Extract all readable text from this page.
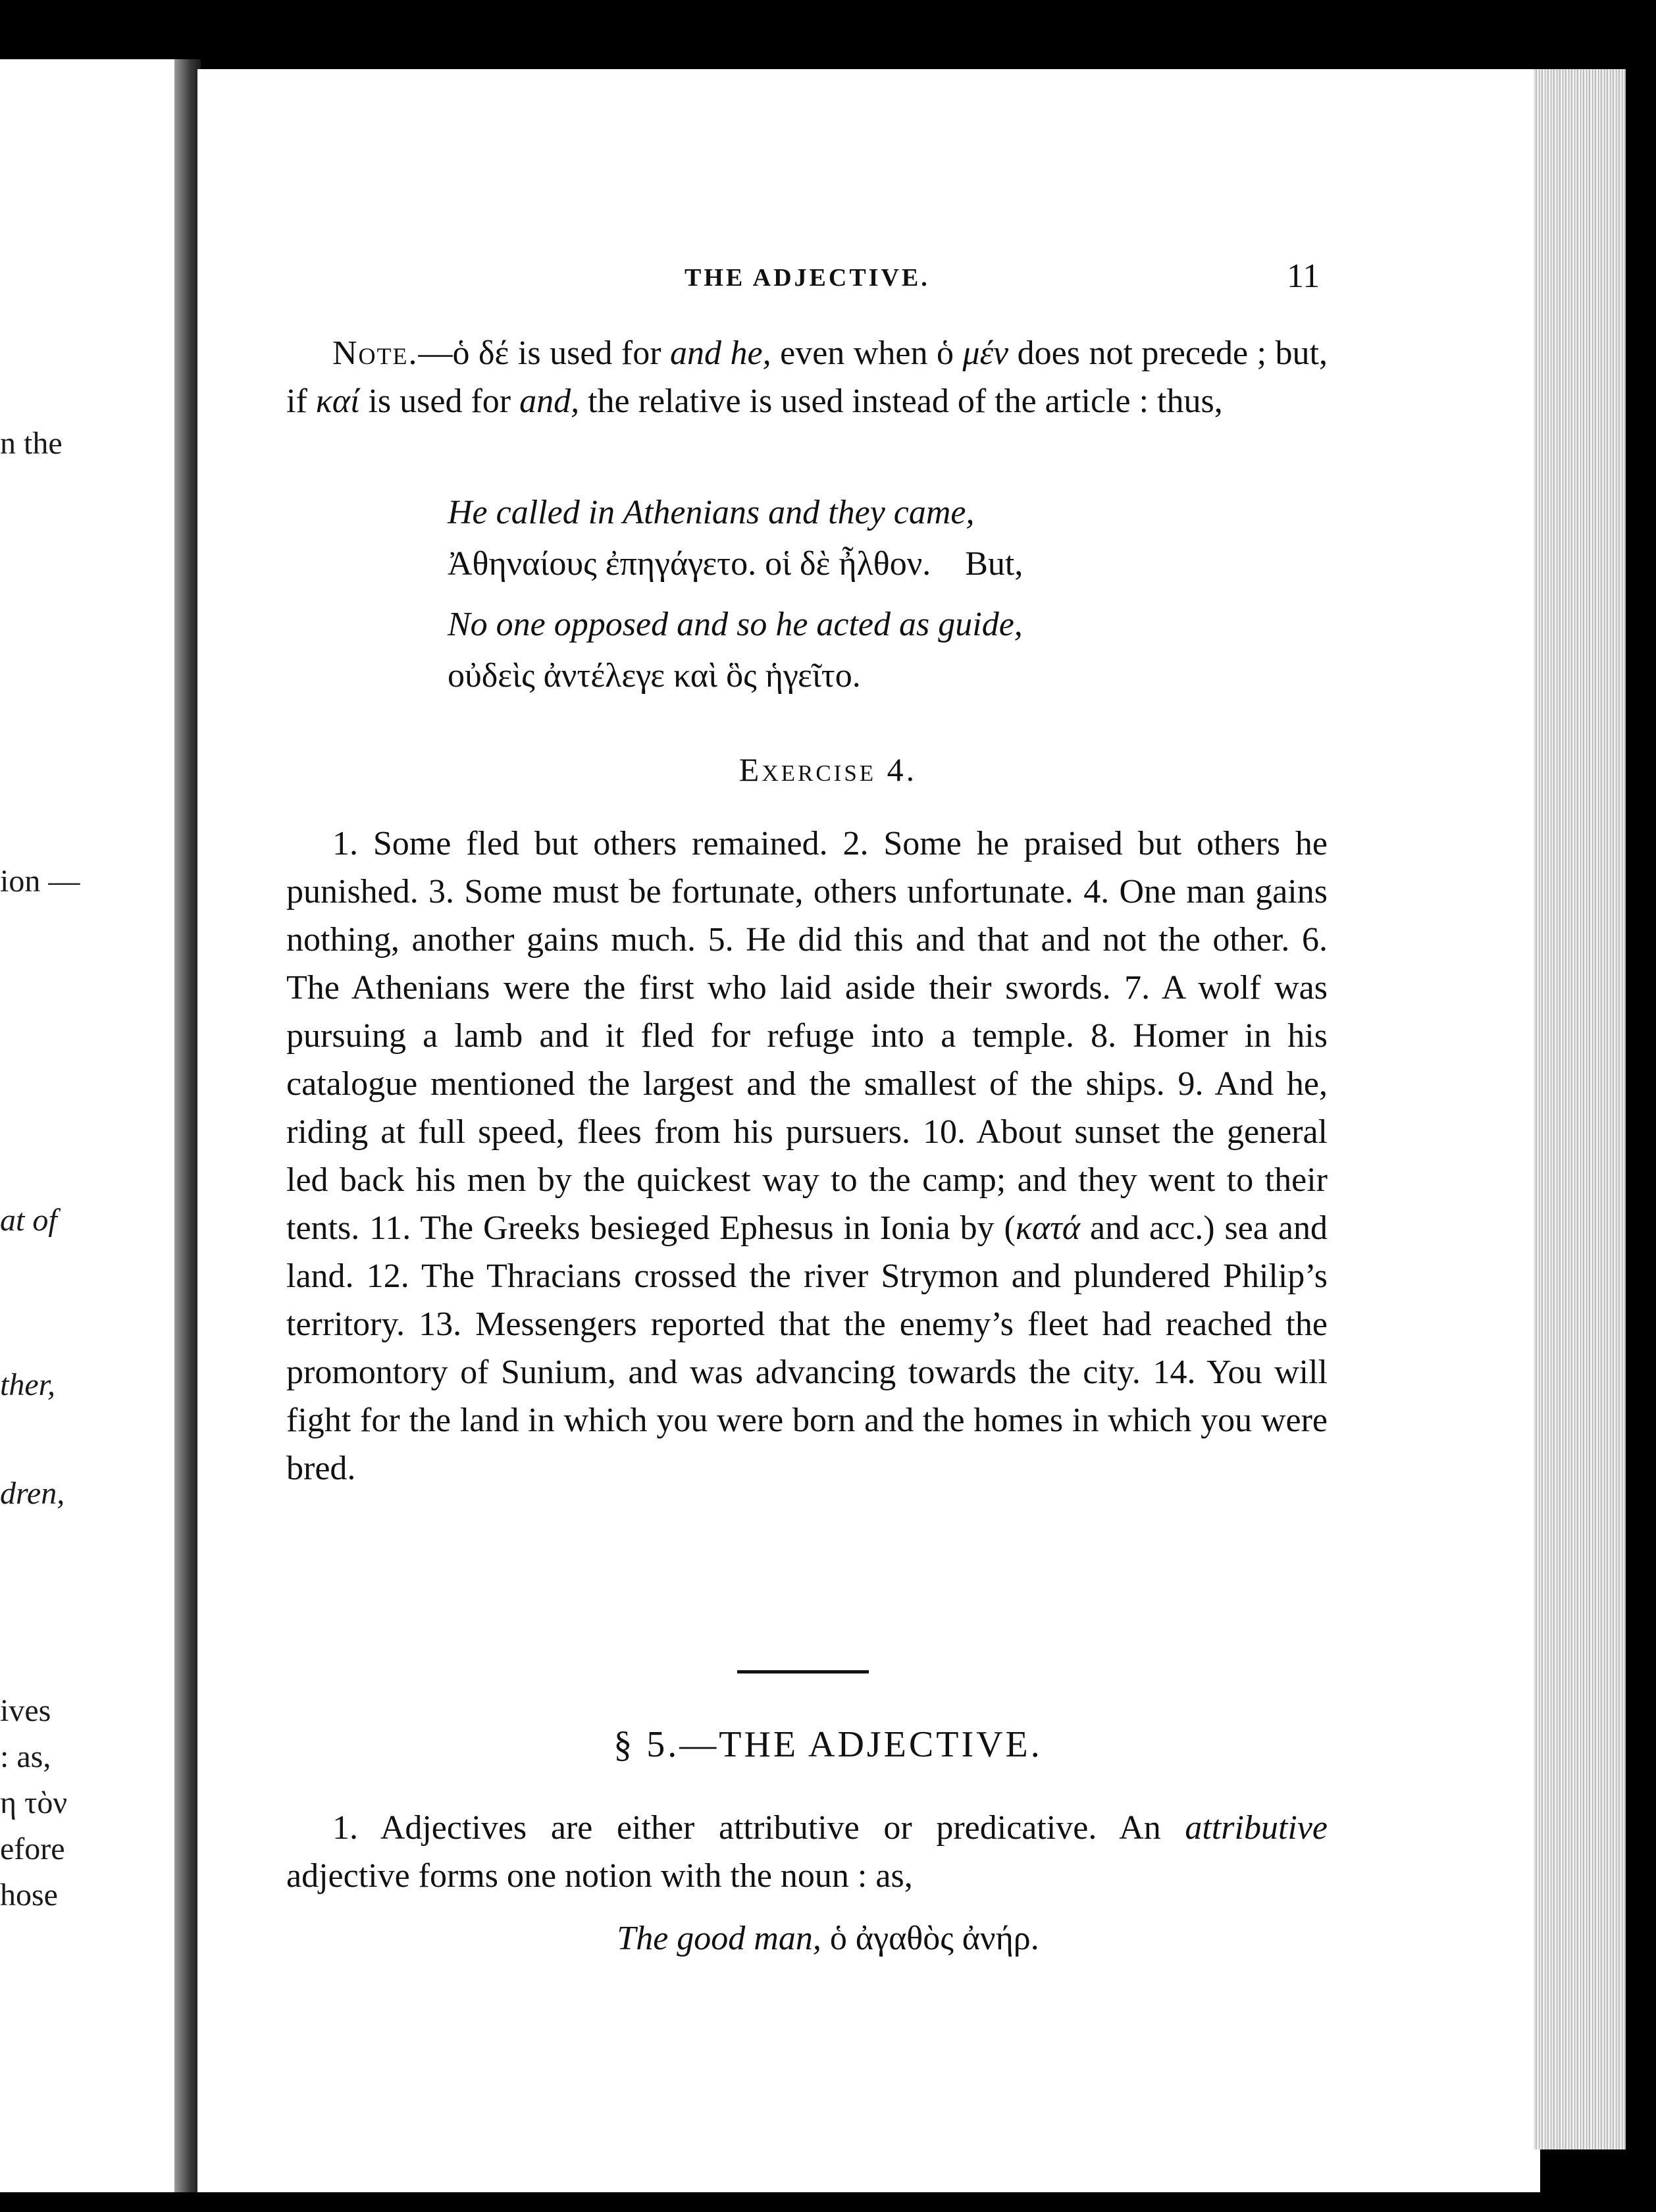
n the
ion —
at of
ther,
dren,
ives
: as,
η τὸν
efore
hose
THE ADJECTIVE.	11
Note.—ὁ δέ is used for and he, even when ὁ μέν does not precede ; but, if καί is used for and, the relative is used instead of the article : thus,
He called in Athenians and they came,
Ἀθηναίους ἐπηγάγετο. οἱ δὲ ἦλθον. But,
No one opposed and so he acted as guide,
οὐδεὶς ἀντέλεγε καὶ ὃς ἡγεῖτο.
Exercise 4.
1. Some fled but others remained. 2. Some he praised but others he punished. 3. Some must be fortunate, others unfortunate. 4. One man gains nothing, another gains much. 5. He did this and that and not the other. 6. The Athenians were the first who laid aside their swords. 7. A wolf was pursuing a lamb and it fled for refuge into a temple. 8. Homer in his catalogue mentioned the largest and the smallest of the ships. 9. And he, riding at full speed, flees from his pursuers. 10. About sunset the general led back his men by the quickest way to the camp; and they went to their tents. 11. The Greeks besieged Ephesus in Ionia by (κατά and acc.) sea and land. 12. The Thracians crossed the river Strymon and plundered Philip’s territory. 13. Messengers reported that the enemy’s fleet had reached the promontory of Sunium, and was advancing towards the city. 14. You will fight for the land in which you were born and the homes in which you were bred.
§ 5.—THE ADJECTIVE.
1. Adjectives are either attributive or predicative. An attributive adjective forms one notion with the noun : as,
The good man, ὁ ἀγαθὸς ἀνήρ.
